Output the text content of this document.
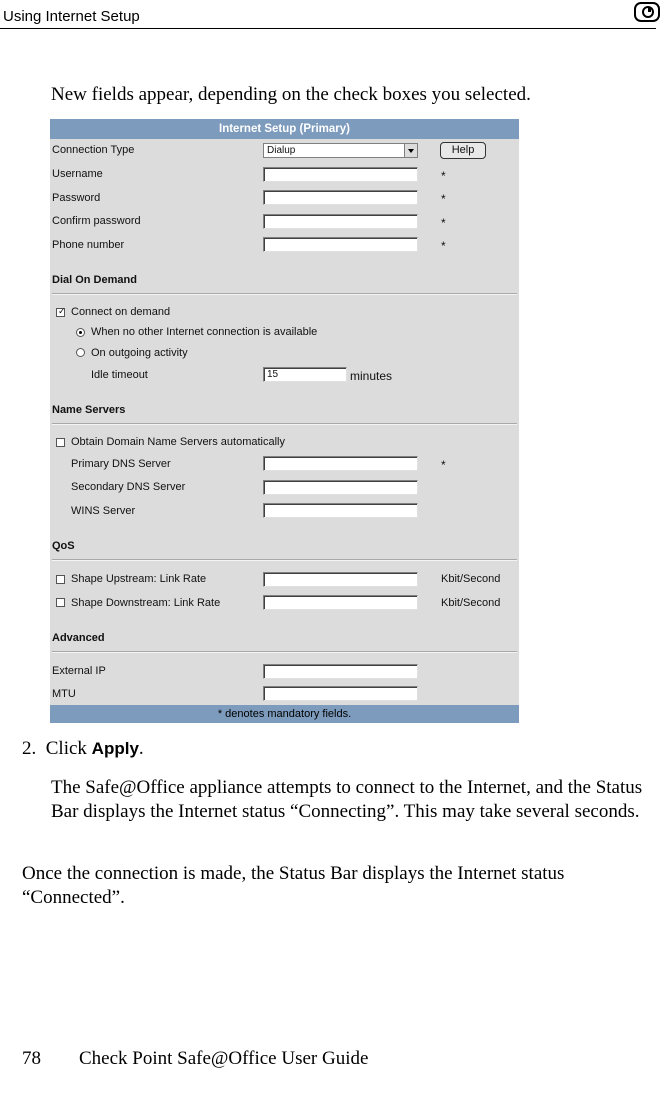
Using Internet Setup
New fields appear, depending on the check boxes you selected.
Internet Setup (Primary)
Connection Type	Dialup	Help
Username	*
Password	*
Confirm password	*
Phone number	*
Dial On Demand
✓ Connect on demand
When no other Internet connection is available
On outgoing activity
Idle timeout	15	minutes
Name Servers
Obtain Domain Name Servers automatically
Primary DNS Server	*
Secondary DNS Server
WINS Server
QoS
Shape Upstream: Link Rate	Kbit/Second
Shape Downstream: Link Rate	Kbit/Second
Advanced
External IP
MTU
* denotes mandatory fields.
2. Click Apply.
The Safe@Office appliance attempts to connect to the Internet, and the Status Bar displays the Internet status “Connecting”. This may take several seconds.
Once the connection is made, the Status Bar displays the Internet status “Connected”.
78 Check Point Safe@Office User Guide
